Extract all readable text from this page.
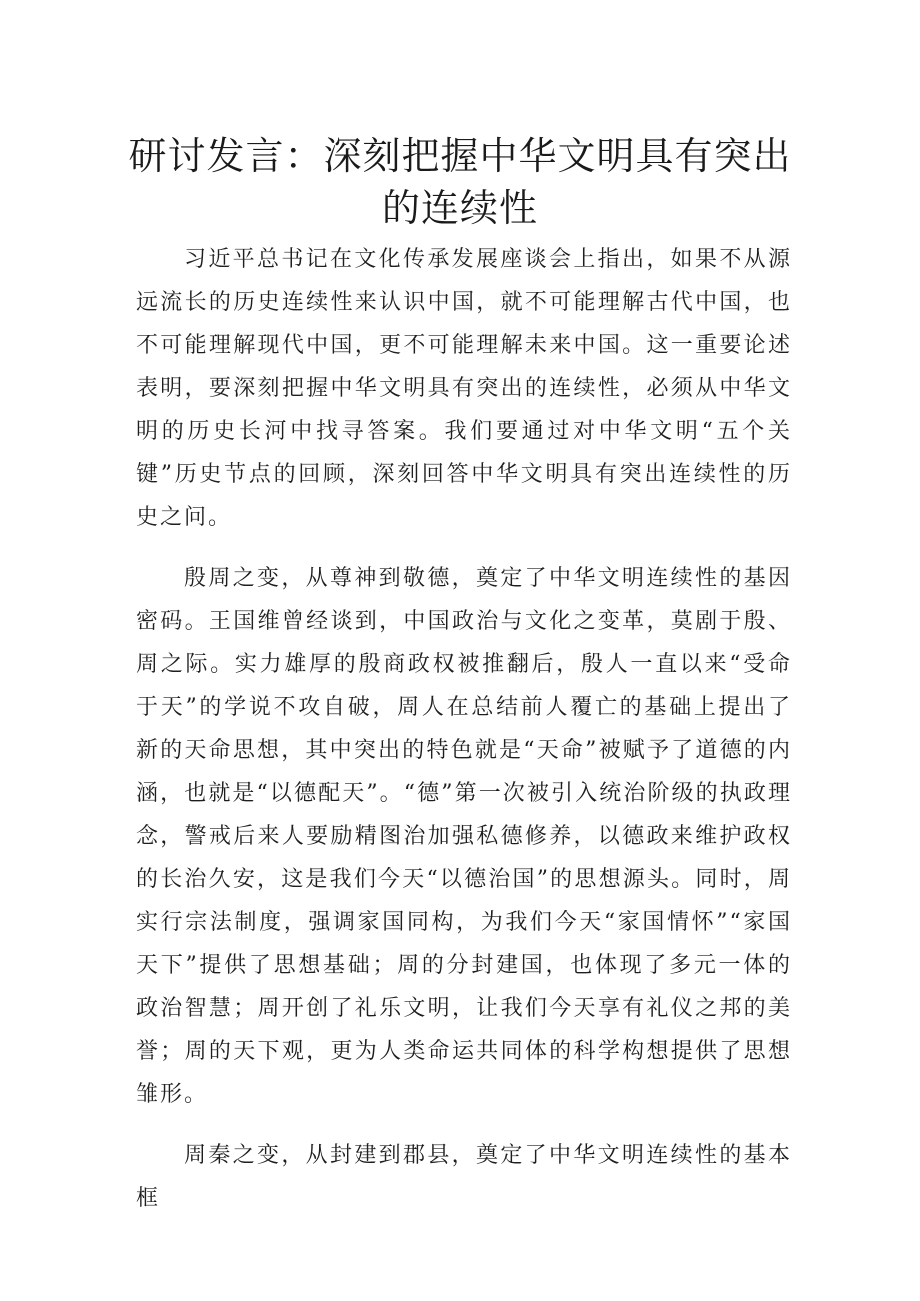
研讨发言：深刻把握中华文明具有突出的连续性

习近平总书记在文化传承发展座谈会上指出，如果不从源远流长的历史连续性来认识中国，就不可能理解古代中国，也不可能理解现代中国，更不可能理解未来中国。这一重要论述表明，要深刻把握中华文明具有突出的连续性，必须从中华文明的历史长河中找寻答案。我们要通过对中华文明“五个关键”历史节点的回顾，深刻回答中华文明具有突出连续性的历史之问。

殷周之变，从尊神到敬德，奠定了中华文明连续性的基因密码。王国维曾经谈到，中国政治与文化之变革，莫剧于殷、周之际。实力雄厚的殷商政权被推翻后，殷人一直以来“受命于天”的学说不攻自破，周人在总结前人覆亡的基础上提出了新的天命思想，其中突出的特色就是“天命”被赋予了道德的内涵，也就是“以德配天”。“德”第一次被引入统治阶级的执政理念，警戒后来人要励精图治加强私德修养，以德政来维护政权的长治久安，这是我们今天“以德治国”的思想源头。同时，周实行宗法制度，强调家国同构，为我们今天“家国情怀”“家国天下”提供了思想基础；周的分封建国，也体现了多元一体的政治智慧；周开创了礼乐文明，让我们今天享有礼仪之邦的美誉；周的天下观，更为人类命运共同体的科学构想提供了思想雏形。

周秦之变，从封建到郡县，奠定了中华文明连续性的基本框
